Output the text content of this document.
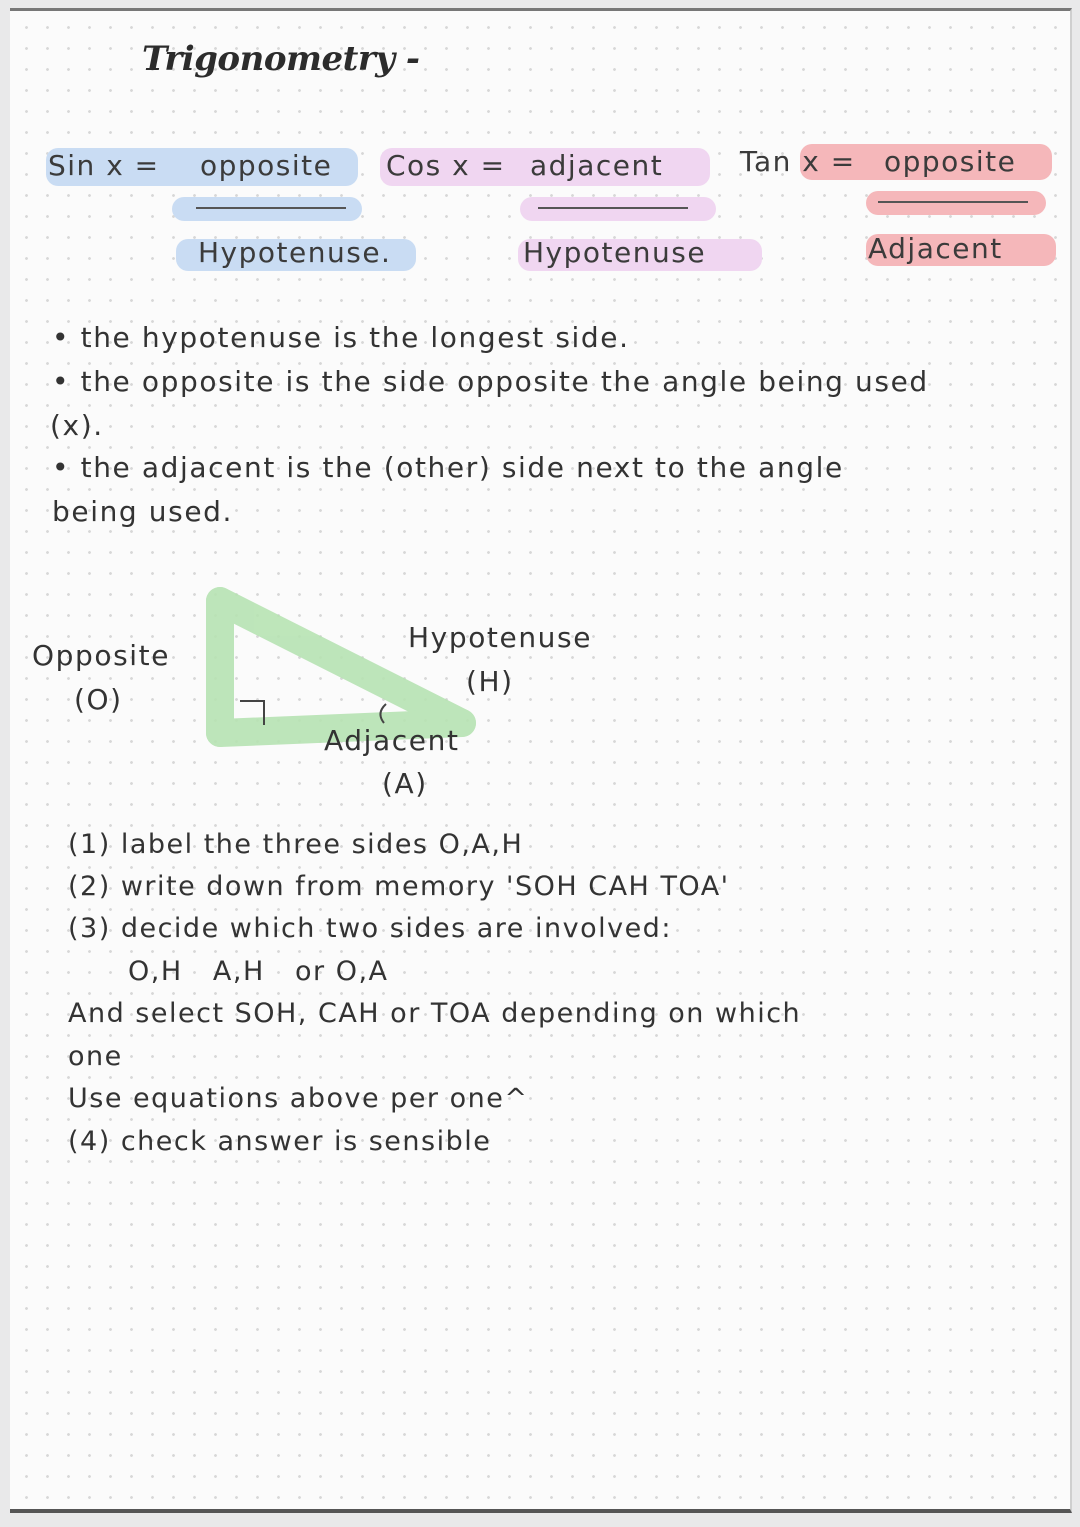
Trigonometry -
Sin x = opposite
Hypotenuse.
Cos x = adjacent
Hypotenuse
Tan x = opposite
Adjacent
• the hypotenuse is the longest side.
• the opposite is the side opposite the angle being used
(x).
• the adjacent is the (other) side next to the angle
being used.
Opposite
(O)
Hypotenuse
(H)
Adjacent
(A)
(1) label the three sides O,A,H
(2) write down from memory 'SOH CAH TOA'
(3) decide which two sides are involved:
O,H   A,H   or O,A
And select SOH, CAH or TOA depending on which
one
Use equations above per one^
(4) check answer is sensible
